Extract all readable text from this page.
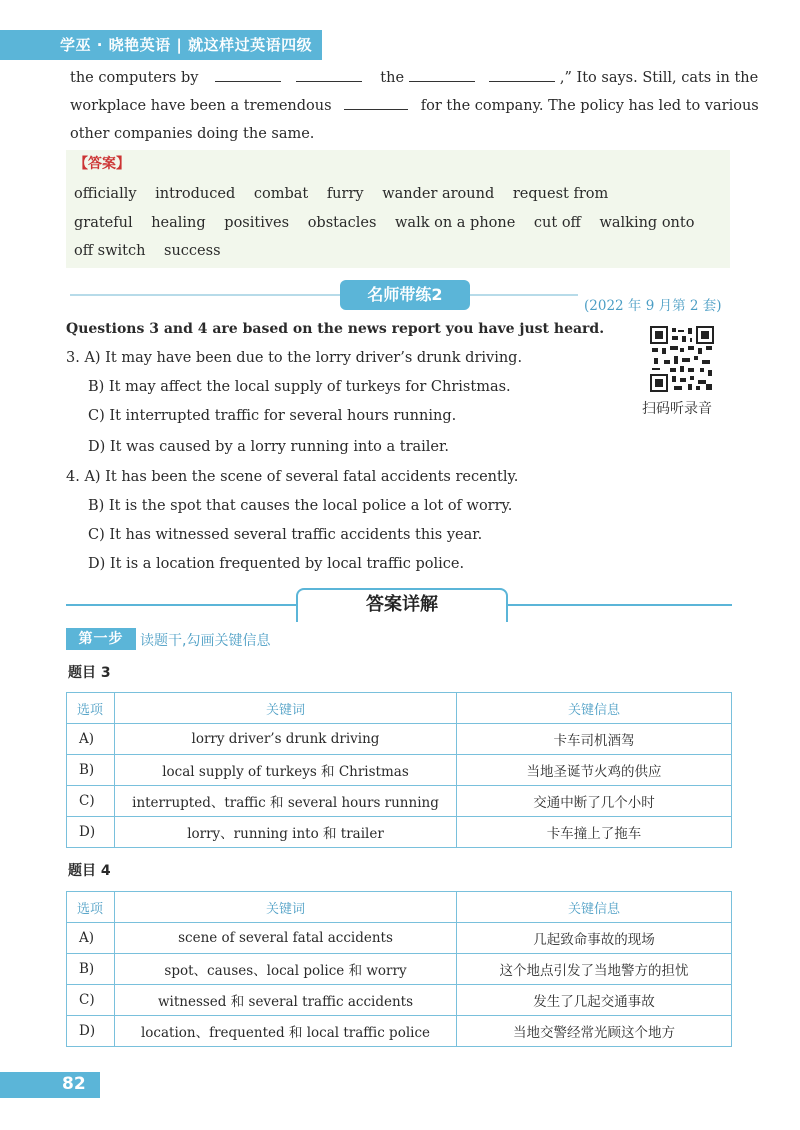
学巫 · 晓艳英语 | 就这样过英语四级
the computers by	the	,” Ito says. Still, cats in the
workplace have been a tremendous	for the company. The policy has led to various
other companies doing the same.
【答案】
officially introduced combat furry wander around request from
grateful healing positives obstacles walk on a phone cut off walking onto
off switch success
名师带练2
(2022 年 9 月第 2 套)
Questions 3 and 4 are based on the news report you have just heard.
3. A) It may have been due to the lorry driver’s drunk driving.
B) It may affect the local supply of turkeys for Christmas.
C) It interrupted traffic for several hours running.
D) It was caused by a lorry running into a trailer.
4. A) It has been the scene of several fatal accidents recently.
B) It is the spot that causes the local police a lot of worry.
C) It has witnessed several traffic accidents this year.
D) It is a location frequented by local traffic police.
扫码听录音
答案详解
第一步	读题干,勾画关键信息
题目 3
选项	关键词	关键信息
A)	lorry driver’s drunk driving	卡车司机酒驾
B)	local supply of turkeys 和 Christmas	当地圣诞节火鸡的供应
C)	interrupted、traffic 和 several hours running	交通中断了几个小时
D)	lorry、running into 和 trailer	卡车撞上了拖车
题目 4
选项	关键词	关键信息
A)	scene of several fatal accidents	几起致命事故的现场
B)	spot、causes、local police 和 worry	这个地点引发了当地警方的担忧
C)	witnessed 和 several traffic accidents	发生了几起交通事故
D)	location、frequented 和 local traffic police	当地交警经常光顾这个地方
82
